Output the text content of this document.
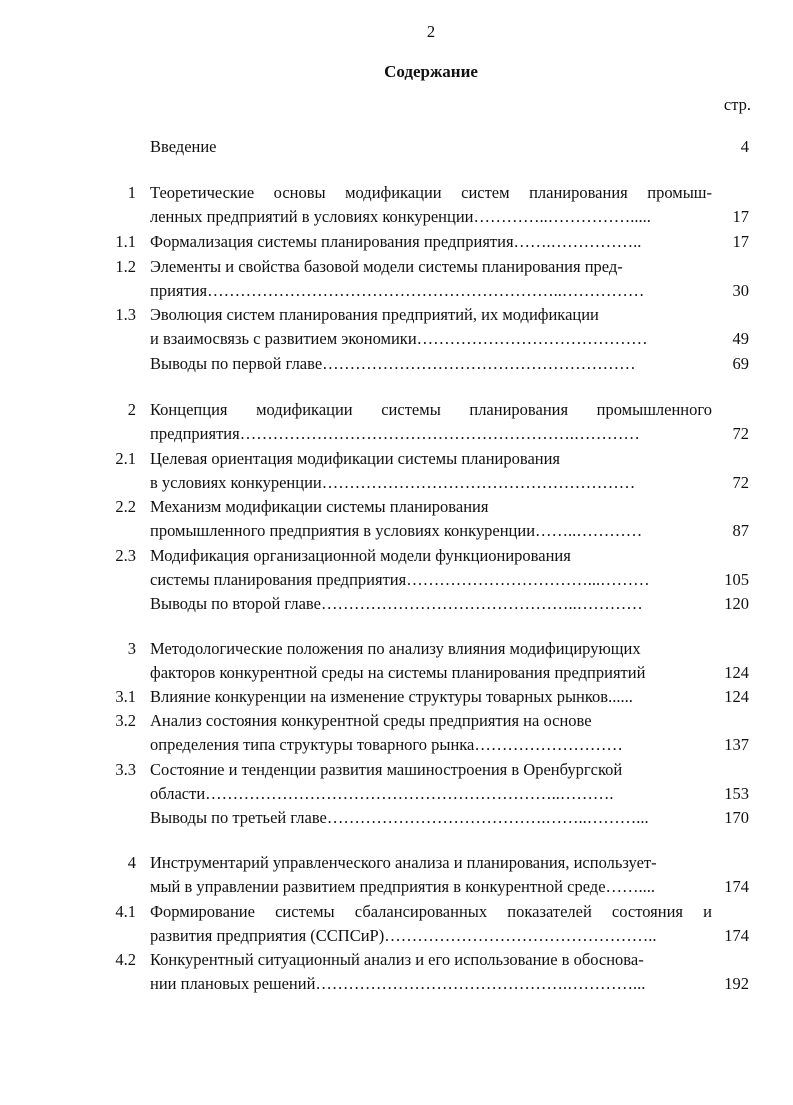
2
Содержание
стр.
Введение	4
1 Теоретические основы модификации систем планирования промыш-
ленных предприятий в условиях конкуренции…………..…………….....	17
1.1 Формализация системы планирования предприятия…….……………..	17
1.2 Элементы и свойства базовой модели системы планирования пред-
приятия………………………………………………………..……………	30
1.3 Эволюция систем планирования предприятий, их модификации
и взаимосвязь с развитием экономики……………………………………	49
Выводы по первой главе…………………………………………………	69
2 Концепция модификации системы планирования промышленного
предприятия…………………………………………………….…………	72
2.1 Целевая ориентация модификации системы планирования
в условиях конкуренции…………………………………………………	72
2.2 Механизм модификации системы планирования
промышленного предприятия в условиях конкуренции……..…………	87
2.3 Модификация организационной модели функционирования
системы планирования предприятия……………………………...………	105
Выводы по второй главе………………………………………..…………	120
3 Методологические положения по анализу влияния модифицирующих
факторов конкурентной среды на системы планирования предприятий	124
3.1 Влияние конкуренции на изменение структуры товарных рынков......	124
3.2 Анализ состояния конкурентной среды предприятия на основе
определения типа структуры товарного рынка………………………	137
3.3 Состояние и тенденции развития машиностроения в Оренбургской
области………………………………………………………..……….	153
Выводы по третьей главе………………………………….……..………...	170
4 Инструментарий управленческого анализа и планирования, использует-
мый в управлении развитием предприятия в конкурентной среде……....	174
4.1 Формирование системы сбалансированных показателей состояния и
развития предприятия (ССПСиР)…………………………………………..	174
4.2 Конкурентный ситуационный анализ и его использование в обоснова-
нии плановых решений……………………………………….…………...	192
